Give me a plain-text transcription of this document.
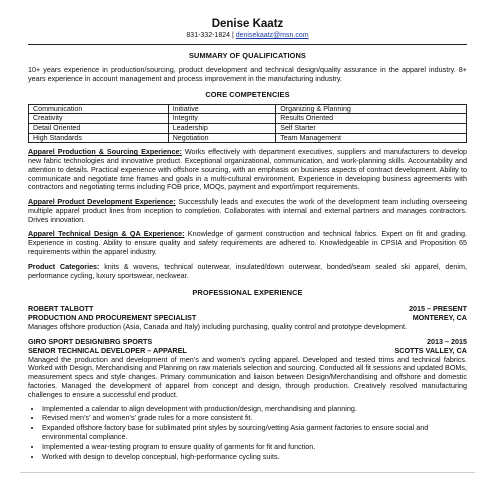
Denise Kaatz

831-332-1824 | denisekaatz@msn.com
SUMMARY OF QUALIFICATIONS

10+ years experience in production/sourcing, product development and technical design/quality assurance in the apparel industry. 8+ years experience in account management and process improvement in the manufacturing industry.

CORE COMPETENCIES
Communication	Initiative	Organizing & Planning
Creativity	Integrity	Results Oriented
Detail Oriented	Leadership	Self Starter
High Standards	Negotiation	Team Management

Apparel Production & Sourcing Experience: Works effectively with department executives, suppliers and manufacturers to develop new fabric technologies and innovative product. Exceptional organizational, communication, and work-planning skills. Accountability and attention to details. Practical experience with offshore sourcing, with an emphasis on business aspects of contract development. Ability to communicate and negotiate time frames and goals in a multi-cultural environment. Experience in developing business agreements with contractors and negotiating terms including FOB price, MOQs, payment and export/import requirements.

Apparel Product Development Experience: Successfully leads and executes the work of the development team including overseeing multiple apparel product lines from inception to completion. Collaborates with internal and external partners and manages contractors. Drives innovation.

Apparel Technical Design & QA Experience: Knowledge of garment construction and technical fabrics. Expert on fit and grading. Experience in costing. Ability to ensure quality and safety requirements are adhered to. Knowledgeable in CPSIA and Proposition 65 requirements within the apparel industry.

Product Categories: knits & wovens, technical outerwear, insulated/down outerwear, bonded/seam sealed ski apparel, denim, performance cycling, luxury sportswear, neckwear.

PROFESSIONAL EXPERIENCE
ROBERT TALBOTT	2015 – PRESENT
PRODUCTION AND PROCUREMENT SPECIALIST	MONTEREY, CA
Manages offshore production (Asia, Canada and Italy) including purchasing, quality control and prototype development.
GIRO SPORT DESIGN/BRG SPORTS	2013 – 2015
SENIOR TECHNICAL DEVELOPER – APPAREL	SCOTTS VALLEY, CA
Managed the production and development of men’s and women’s cycling apparel. Developed and tested trims and technical fabrics. Worked with Design, Merchandising and Planning on raw materials selection and sourcing. Conducted all fit sessions and updated BOMs, measurement specs and style changes. Primary communication and liaison between Design/Merchandising and offshore and domestic factories. Managed the development of apparel from concept and design, through production. Creatively resolved manufacturing challenges to ensure a successful end product.
• Implemented a calendar to align development with production/design, merchandising and planning.
• Revised men’s’ and women’s’ grade rules for a more consistent fit.
• Expanded offshore factory base for sublimated print styles by sourcing/vetting Asia garment factories to ensure social and environmental compliance.
• Implemented a wear-testing program to ensure quality of garments for fit and function.
• Worked with design to develop conceptual, high-performance cycling suits.
